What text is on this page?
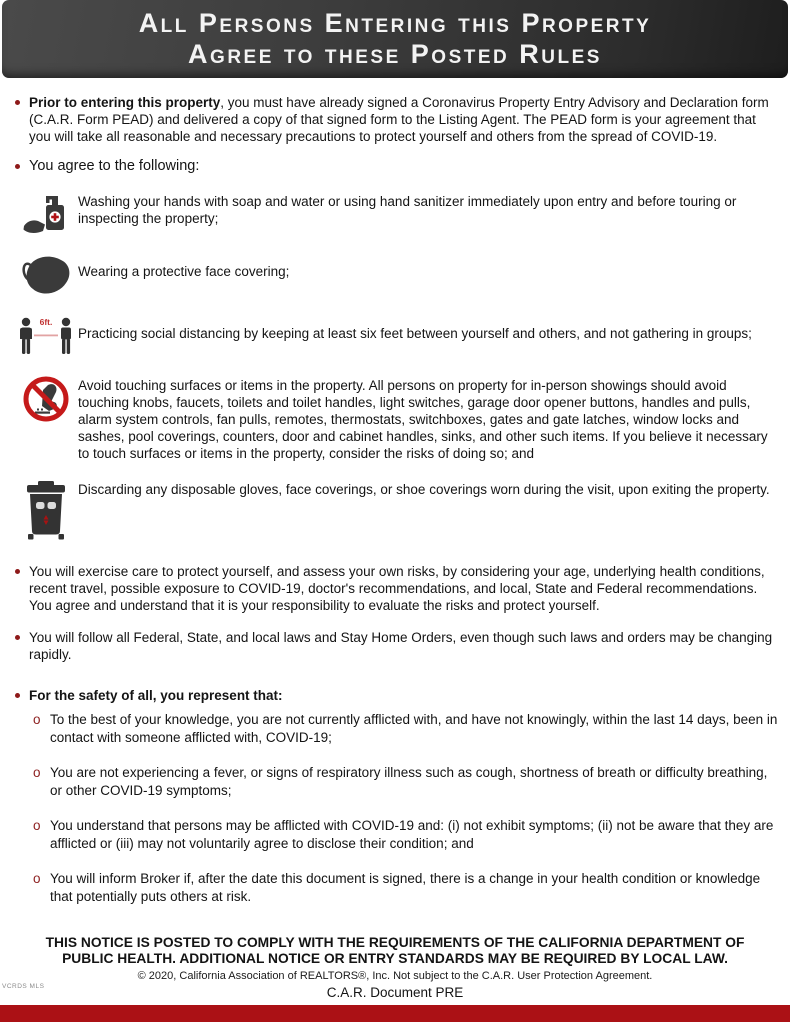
All Persons Entering this Property
Agree to these Posted Rules
Prior to entering this property, you must have already signed a Coronavirus Property Entry Advisory and Declaration form (C.A.R. Form PEAD) and delivered a copy of that signed form to the Listing Agent. The PEAD form is your agreement that you will take all reasonable and necessary precautions to protect yourself and others from the spread of COVID-19.
You agree to the following:
Washing your hands with soap and water or using hand sanitizer immediately upon entry and before touring or inspecting the property;
Wearing a protective face covering;
6ft.
Practicing social distancing by keeping at least six feet between yourself and others, and not gathering in groups;
Avoid touching surfaces or items in the property. All persons on property for in-person showings should avoid touching knobs, faucets, toilets and toilet handles, light switches, garage door opener buttons, handles and pulls, alarm system controls, fan pulls, remotes, thermostats, switchboxes, gates and gate latches, window locks and sashes, pool coverings, counters, door and cabinet handles, sinks, and other such items. If you believe it necessary to touch surfaces or items in the property, consider the risks of doing so; and
Discarding any disposable gloves, face coverings, or shoe coverings worn during the visit, upon exiting the property.
You will exercise care to protect yourself, and assess your own risks, by considering your age, underlying health conditions, recent travel, possible exposure to COVID-19, doctor's recommendations, and local, State and Federal recommendations. You agree and understand that it is your responsibility to evaluate the risks and protect yourself.
You will follow all Federal, State, and local laws and Stay Home Orders, even though such laws and orders may be changing rapidly.
For the safety of all, you represent that:
o To the best of your knowledge, you are not currently afflicted with, and have not knowingly, within the last 14 days, been in contact with someone afflicted with, COVID-19;
o You are not experiencing a fever, or signs of respiratory illness such as cough, shortness of breath or difficulty breathing, or other COVID-19 symptoms;
o You understand that persons may be afflicted with COVID-19 and: (i) not exhibit symptoms; (ii) not be aware that they are afflicted or (iii) may not voluntarily agree to disclose their condition; and
o You will inform Broker if, after the date this document is signed, there is a change in your health condition or knowledge that potentially puts others at risk.
THIS NOTICE IS POSTED TO COMPLY WITH THE REQUIREMENTS OF THE CALIFORNIA DEPARTMENT OF PUBLIC HEALTH. ADDITIONAL NOTICE OR ENTRY STANDARDS MAY BE REQUIRED BY LOCAL LAW.
© 2020, California Association of REALTORS®, Inc. Not subject to the C.A.R. User Protection Agreement.
C.A.R. Document PRE
VCRDS MLS
